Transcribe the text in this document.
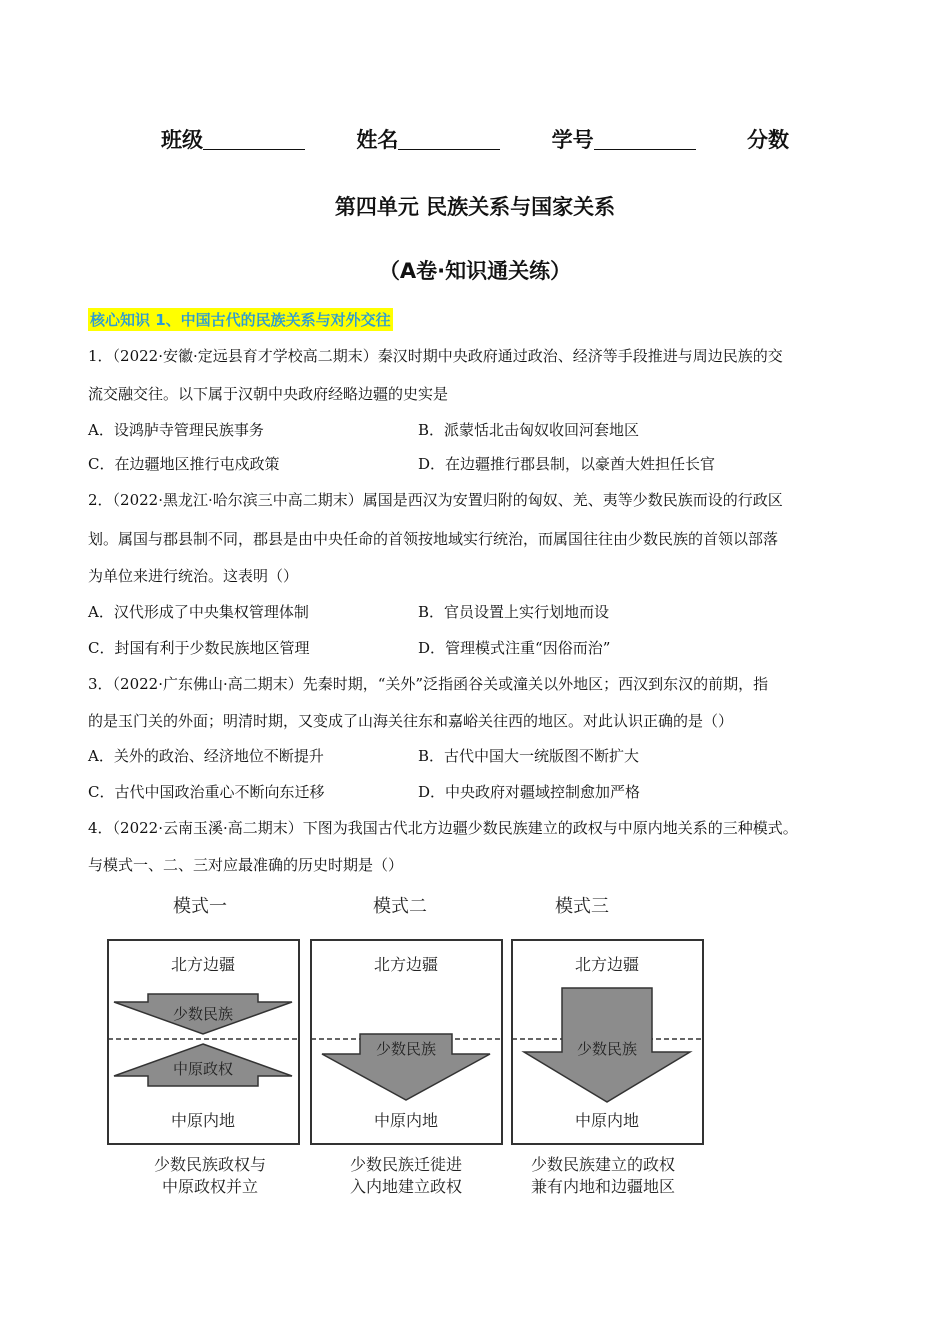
班级	姓名	学号	分数
第四单元 民族关系与国家关系
（A卷·知识通关练）
核心知识 1、中国古代的民族关系与对外交往
1．（2022·安徽·定远县育才学校高二期末）秦汉时期中央政府通过政治、经济等手段推进与周边民族的交
流交融交往。以下属于汉朝中央政府经略边疆的史实是
A．设鸿胪寺管理民族事务	B．派蒙恬北击匈奴收回河套地区
C．在边疆地区推行屯戍政策	D．在边疆推行郡县制，以豪酋大姓担任长官
2．（2022·黑龙江·哈尔滨三中高二期末）属国是西汉为安置归附的匈奴、羌、夷等少数民族而设的行政区
划。属国与郡县制不同，郡县是由中央任命的首领按地域实行统治，而属国往往由少数民族的首领以部落
为单位来进行统治。这表明（）
A．汉代形成了中央集权管理体制	B．官员设置上实行划地而设
C．封国有利于少数民族地区管理	D．管理模式注重“因俗而治”
3．（2022·广东佛山·高二期末）先秦时期，“关外”泛指函谷关或潼关以外地区；西汉到东汉的前期，指
的是玉门关的外面；明清时期，又变成了山海关往东和嘉峪关往西的地区。对此认识正确的是（）
A．关外的政治、经济地位不断提升	B．古代中国大一统版图不断扩大
C．古代中国政治重心不断向东迁移	D．中央政府对疆域控制愈加严格
4．（2022·云南玉溪·高二期末）下图为我国古代北方边疆少数民族建立的政权与中原内地关系的三种模式。
与模式一、二、三对应最准确的历史时期是（）
模式一	模式二	模式三
北方边疆	北方边疆	北方边疆
少数民族
中原政权
少数民族	少数民族
中原内地	中原内地	中原内地
少数民族政权与
中原政权并立
少数民族迁徙进
入内地建立政权
少数民族建立的政权
兼有内地和边疆地区
